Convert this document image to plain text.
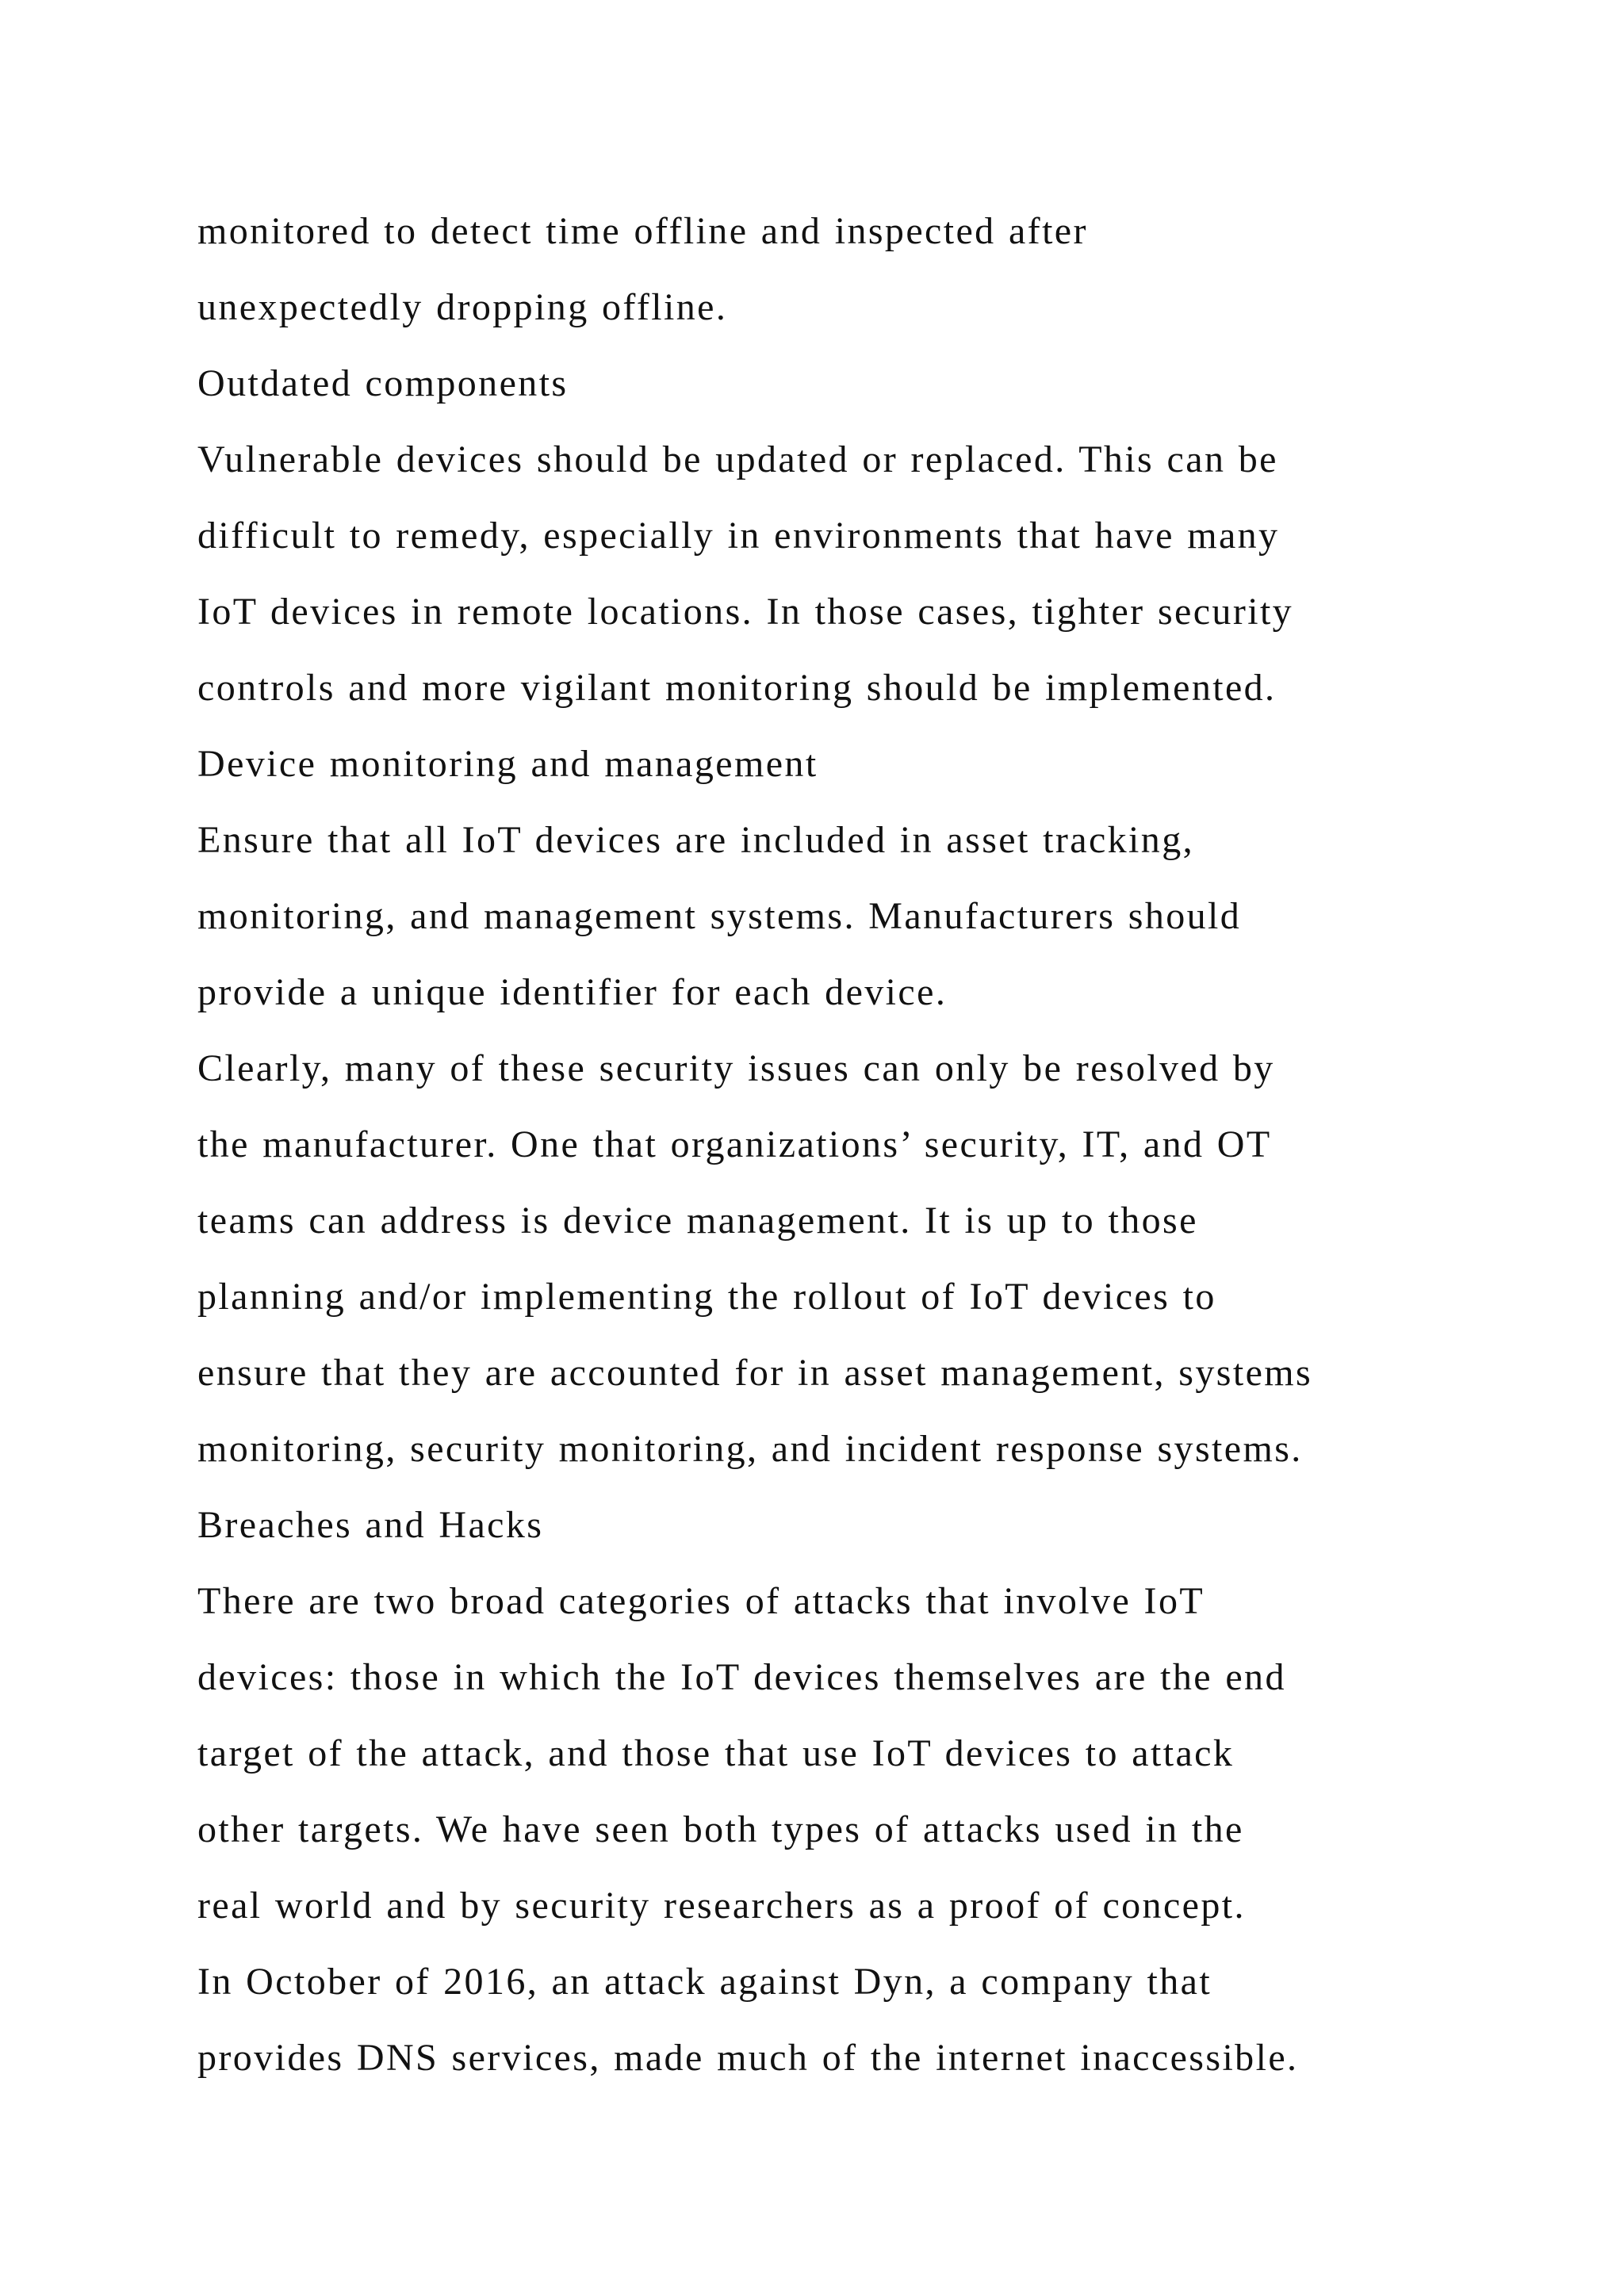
monitored to detect time offline and inspected after
unexpectedly dropping offline.
Outdated components
Vulnerable devices should be updated or replaced. This can be
difficult to remedy, especially in environments that have many
IoT devices in remote locations. In those cases, tighter security
controls and more vigilant monitoring should be implemented.
Device monitoring and management
Ensure that all IoT devices are included in asset tracking,
monitoring, and management systems. Manufacturers should
provide a unique identifier for each device.
Clearly, many of these security issues can only be resolved by
the manufacturer. One that organizations’ security, IT, and OT
teams can address is device management. It is up to those
planning and/or implementing the rollout of IoT devices to
ensure that they are accounted for in asset management, systems
monitoring, security monitoring, and incident response systems.
Breaches and Hacks
There are two broad categories of attacks that involve IoT
devices: those in which the IoT devices themselves are the end
target of the attack, and those that use IoT devices to attack
other targets. We have seen both types of attacks used in the
real world and by security researchers as a proof of concept.
In October of 2016, an attack against Dyn, a company that
provides DNS services, made much of the internet inaccessible.
